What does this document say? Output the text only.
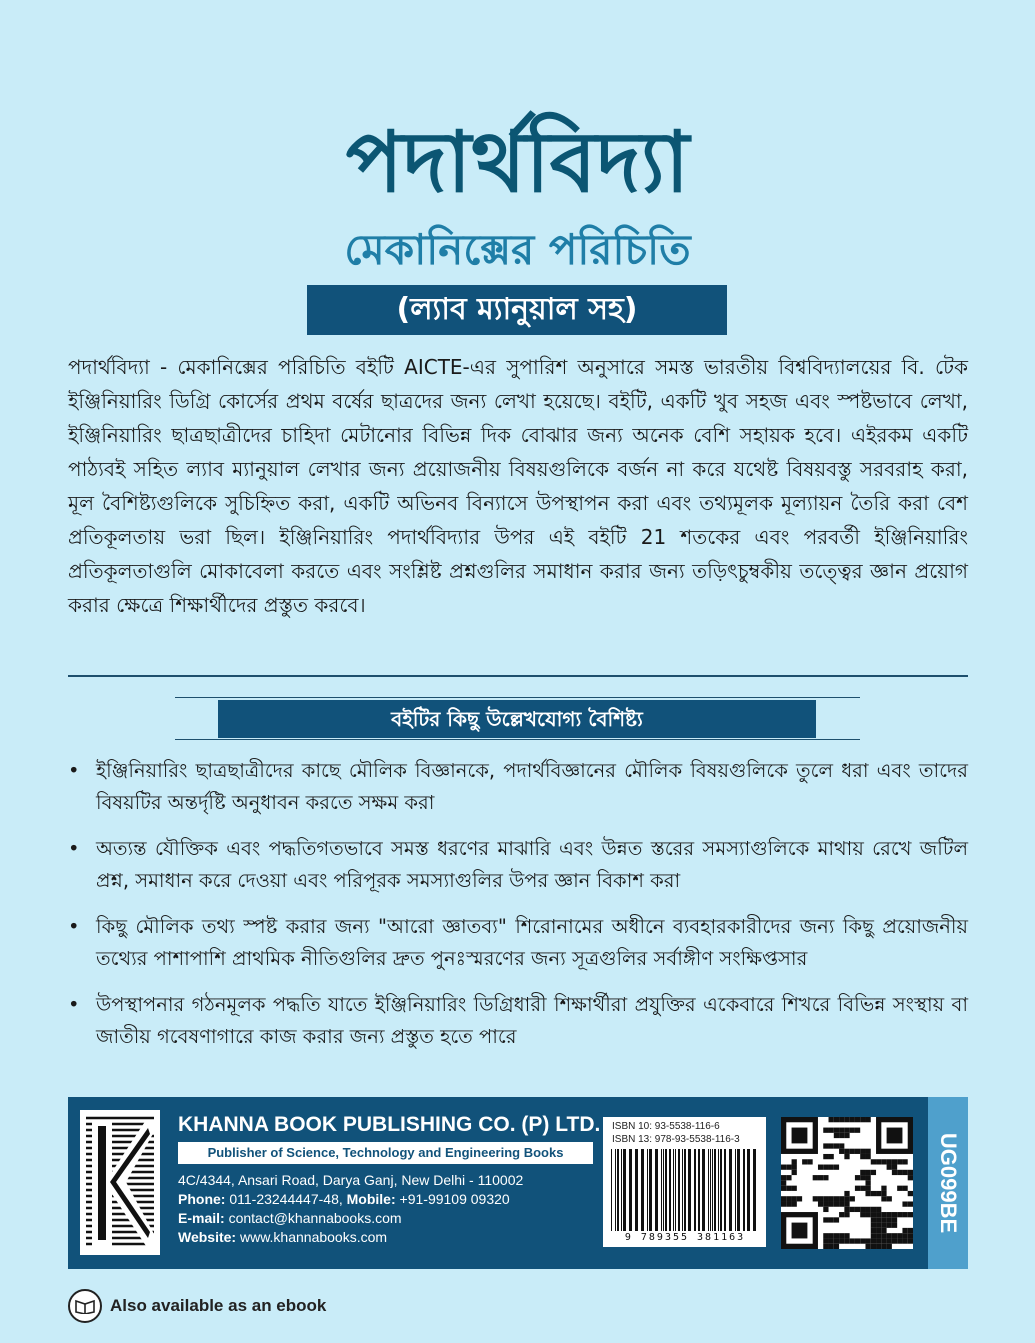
পদার্থবিদ্যা
মেকানিক্সের পরিচিতি
(ল্যাব ম্যানুয়াল সহ)
পদার্থবিদ্যা - মেকানিক্সের পরিচিতি বইটি AICTE-এর সুপারিশ অনুসারে সমস্ত ভারতীয় বিশ্ববিদ্যালয়ের বি. টেক ইঞ্জিনিয়ারিং ডিগ্রি কোর্সের প্রথম বর্ষের ছাত্রদের জন্য লেখা হয়েছে। বইটি, একটি খুব সহজ এবং স্পষ্টভাবে লেখা, ইঞ্জিনিয়ারিং ছাত্রছাত্রীদের চাহিদা মেটানোর বিভিন্ন দিক বোঝার জন্য অনেক বেশি সহায়ক হবে। এইরকম একটি পাঠ্যবই সহিত ল্যাব ম্যানুয়াল লেখার জন্য প্রয়োজনীয় বিষয়গুলিকে বর্জন না করে যথেষ্ট বিষয়বস্তু সরবরাহ করা, মূল বৈশিষ্ট্যগুলিকে সুচিহ্নিত করা, একটি অভিনব বিন্যাসে উপস্থাপন করা এবং তথ্যমূলক মূল্যায়ন তৈরি করা বেশ প্রতিকূলতায় ভরা ছিল। ইঞ্জিনিয়ারিং পদার্থবিদ্যার উপর এই বইটি 21 শতকের এবং পরবর্তী ইঞ্জিনিয়ারিং প্রতিকূলতাগুলি মোকাবেলা করতে এবং সংশ্লিষ্ট প্রশ্নগুলির সমাধান করার জন্য তড়িৎচুম্বকীয় তত্ত্বের জ্ঞান প্রয়োগ করার ক্ষেত্রে শিক্ষার্থীদের প্রস্তুত করবে।
বইটির কিছু উল্লেখযোগ্য বৈশিষ্ট্য
• ইঞ্জিনিয়ারিং ছাত্রছাত্রীদের কাছে মৌলিক বিজ্ঞানকে, পদার্থবিজ্ঞানের মৌলিক বিষয়গুলিকে তুলে ধরা এবং তাদের বিষয়টির অন্তর্দৃষ্টি অনুধাবন করতে সক্ষম করা
• অত্যন্ত যৌক্তিক এবং পদ্ধতিগতভাবে সমস্ত ধরণের মাঝারি এবং উন্নত স্তরের সমস্যাগুলিকে মাথায় রেখে জটিল প্রশ্ন, সমাধান করে দেওয়া এবং পরিপূরক সমস্যাগুলির উপর জ্ঞান বিকাশ করা
• কিছু মৌলিক তথ্য স্পষ্ট করার জন্য "আরো জ্ঞাতব্য" শিরোনামের অধীনে ব্যবহারকারীদের জন্য কিছু প্রয়োজনীয় তথ্যের পাশাপাশি প্রাথমিক নীতিগুলির দ্রুত পুনঃস্মরণের জন্য সূত্রগুলির সর্বাঙ্গীণ সংক্ষিপ্তসার
• উপস্থাপনার গঠনমূলক পদ্ধতি যাতে ইঞ্জিনিয়ারিং ডিগ্রিধারী শিক্ষার্থীরা প্রযুক্তির একেবারে শিখরে বিভিন্ন সংস্থায় বা জাতীয় গবেষণাগারে কাজ করার জন্য প্রস্তুত হতে পারে
KHANNA BOOK PUBLISHING CO. (P) LTD.
Publisher of Science, Technology and Engineering Books
4C/4344, Ansari Road, Darya Ganj, New Delhi - 110002
Phone: 011-23244447-48, Mobile: +91-99109 09320
E-mail: contact@khannabooks.com
Website: www.khannabooks.com
ISBN 10: 93-5538-116-6
ISBN 13: 978-93-5538-116-3
9 789355 381163
UG099BE
Also available as an ebook
